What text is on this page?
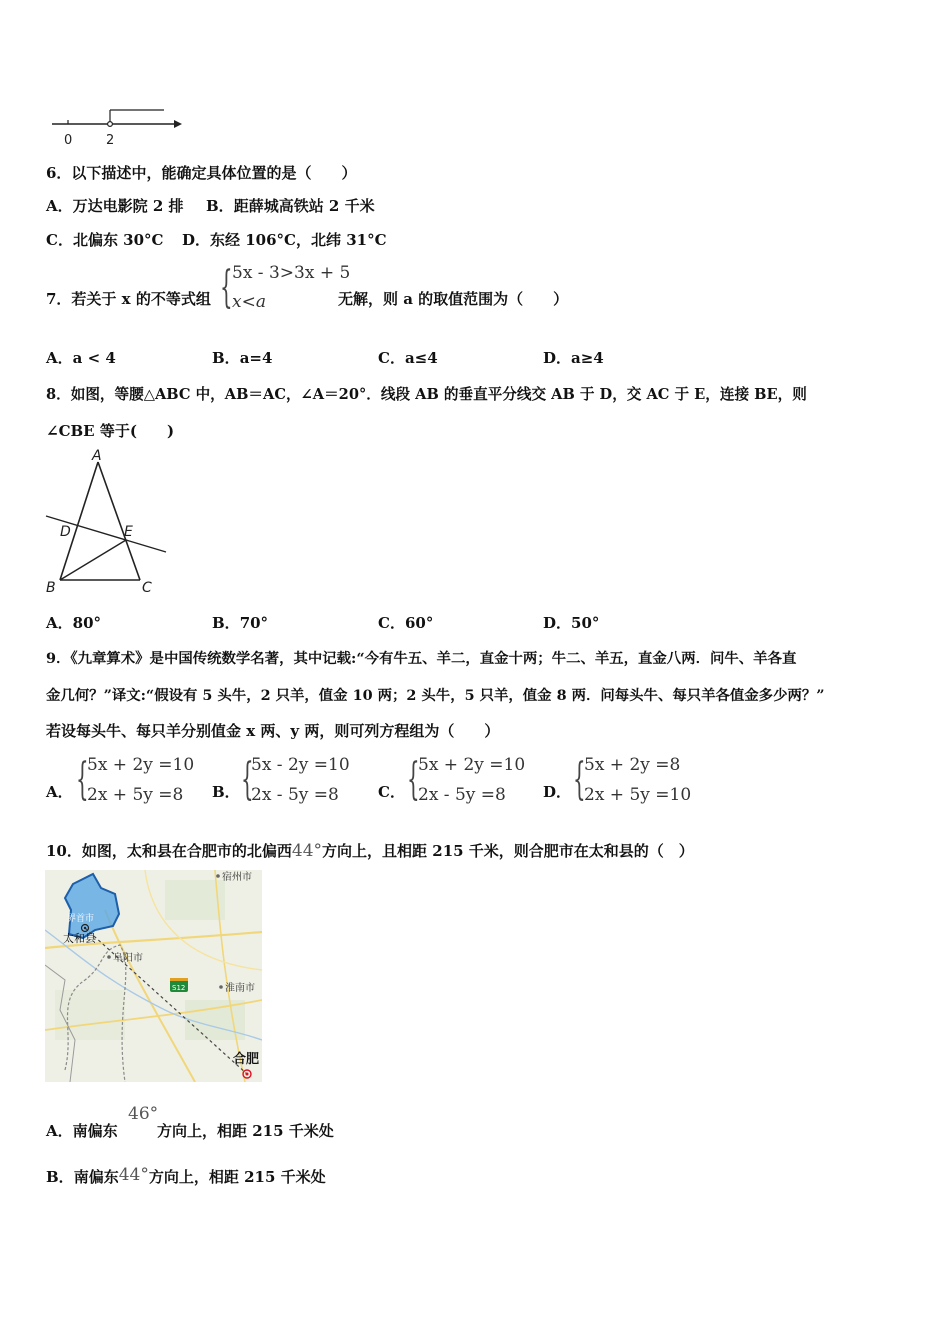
0	2
6．以下描述中，能确定具体位置的是（　　）
A．万达电影院 2 排 B．距薛城高铁站 2 千米
C．北偏东 30°C D．东经 106°C，北纬 31°C
7．若关于 x 的不等式组 { 5x - 3>3x + 5
x<a	无解，则 a 的取值范围为（　　）
A．a < 4	B．a=4	C．a≤4	D．a≥4
8．如图，等腰△ABC 中，AB＝AC，∠A＝20°．线段 AB 的垂直平分线交 AB 于 D，交 AC 于 E，连接 BE，则
∠CBE 等于(　　)
A
D	E
B	C
A．80°	B．70°	C．60°	D．50°
9．《九章算术》是中国传统数学名著，其中记载:“今有牛五、羊二，直金十两；牛二、羊五，直金八两．问牛、羊各直
金几何？”译文:“假设有 5 头牛，2 只羊，值金 10 两；2 头牛，5 只羊，值金 8 两．问每头牛、每只羊各值金多少两？”
若设每头牛、每只羊分别值金 x 两、y 两，则可列方程组为（　　）
A． {
5x + 2y =10
2x + 5y =8 B． {
5x - 2y =10
2x - 5y =8	C． {
5x + 2y =10
2x - 5y =8 D． {
5x + 2y =8
2x + 5y =10
10．如图，太和县在合肥市的北偏西44°方向上，且相距 215 千米，则合肥市在太和县的（　）
S12
宿州市
界首市
太和县
阜阳市
淮南市
合肥
A．南偏东
46°
方向上，相距 215 千米处
B．南偏东44°方向上，相距 215 千米处
